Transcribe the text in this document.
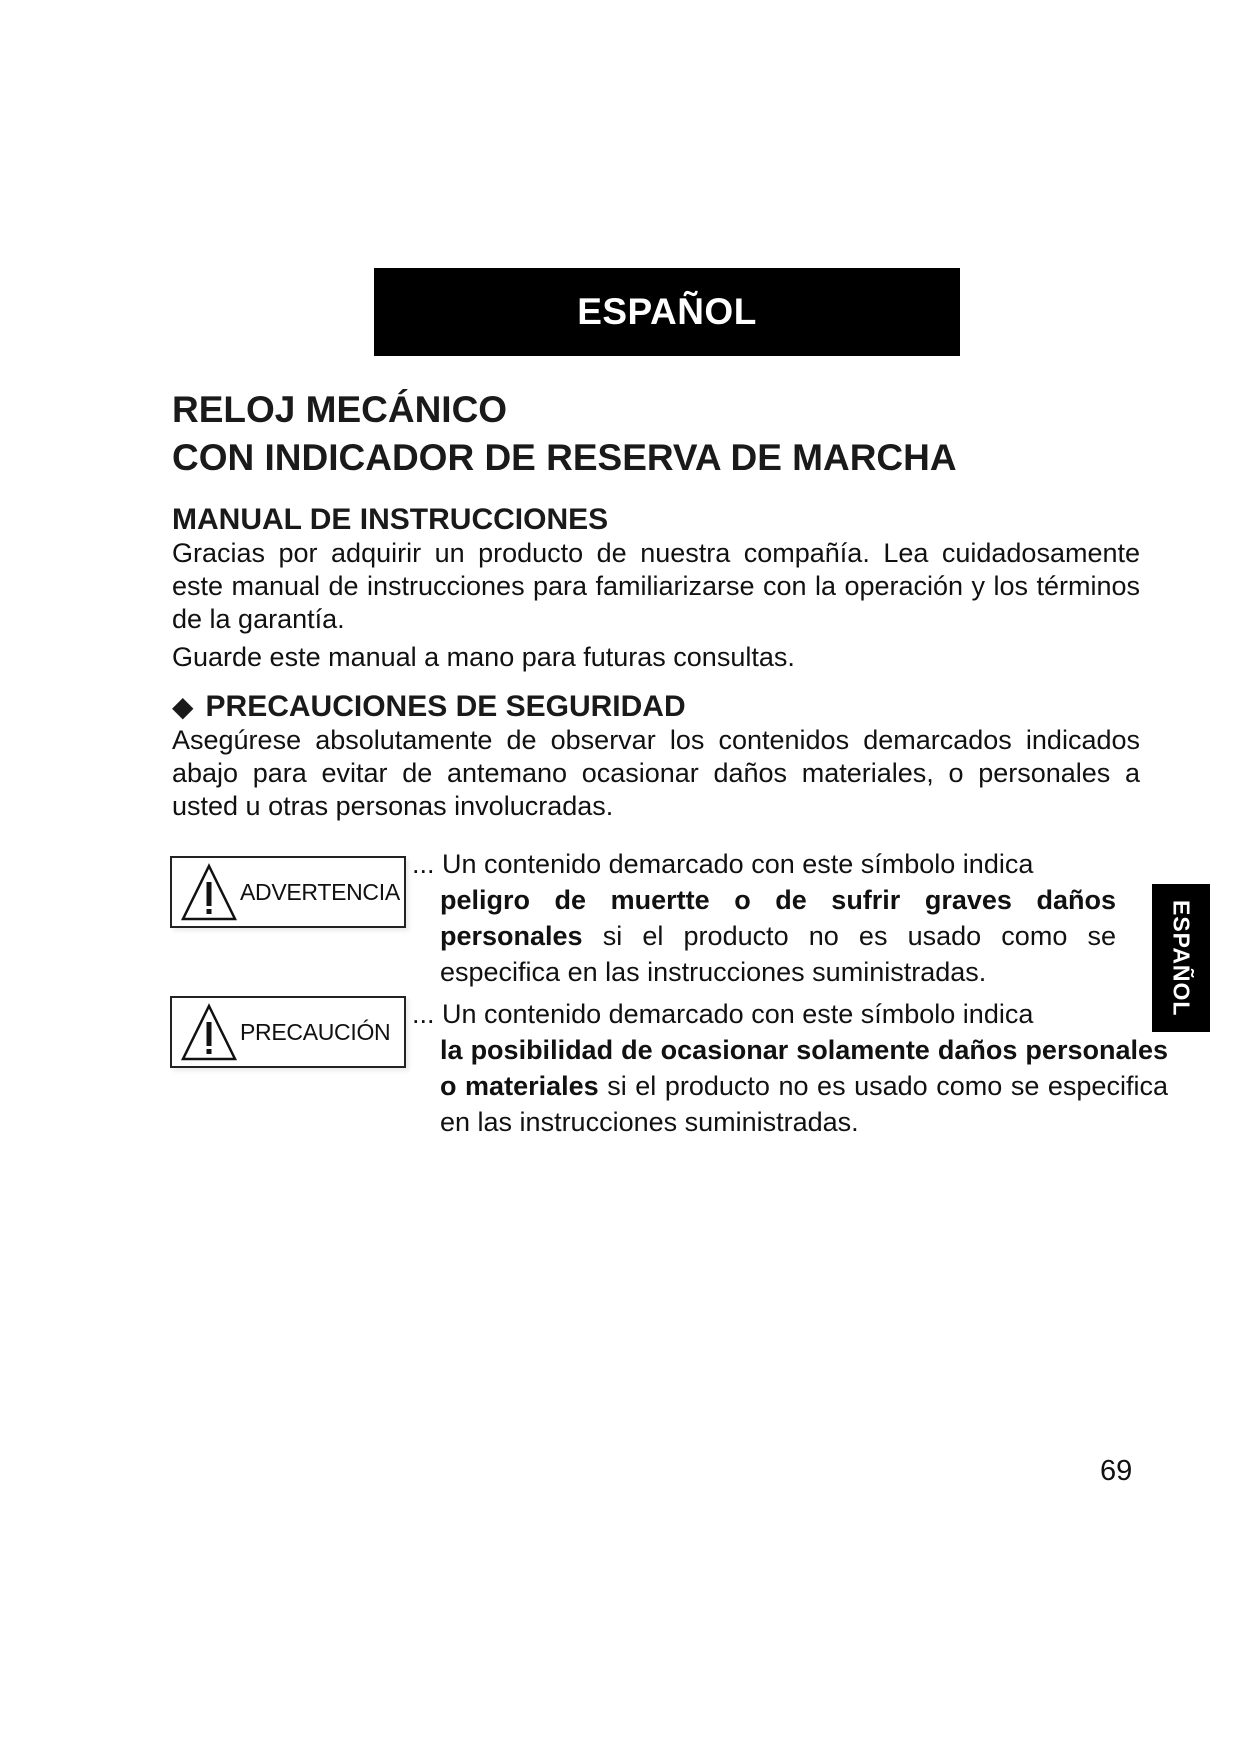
ESPAÑOL
RELOJ MECÁNICO
CON INDICADOR DE RESERVA DE MARCHA
MANUAL DE INSTRUCCIONES

Gracias por adquirir un producto de nuestra compañía. Lea cuidadosamente este manual de instrucciones para familiarizarse con la operación y los términos de la garantía.

Guarde este manual a mano para futuras consultas.

◆ PRECAUCIONES DE SEGURIDAD

Asegúrese absolutamente de observar los contenidos demarcados indicados abajo para evitar de antemano ocasionar daños materiales, o personales a usted u otras personas involucradas.

ADVERTENCIA

... Un contenido demarcado con este símbolo indica
peligro de muertte o de sufrir graves daños personales si el producto no es usado como se especifica en las instrucciones suministradas.

PRECAUCIÓN

... Un contenido demarcado con este símbolo indica
la posibilidad de ocasionar solamente daños personales o materiales si el producto no es usado como se especifica en las instrucciones suministradas.

ESPAÑOL

69
